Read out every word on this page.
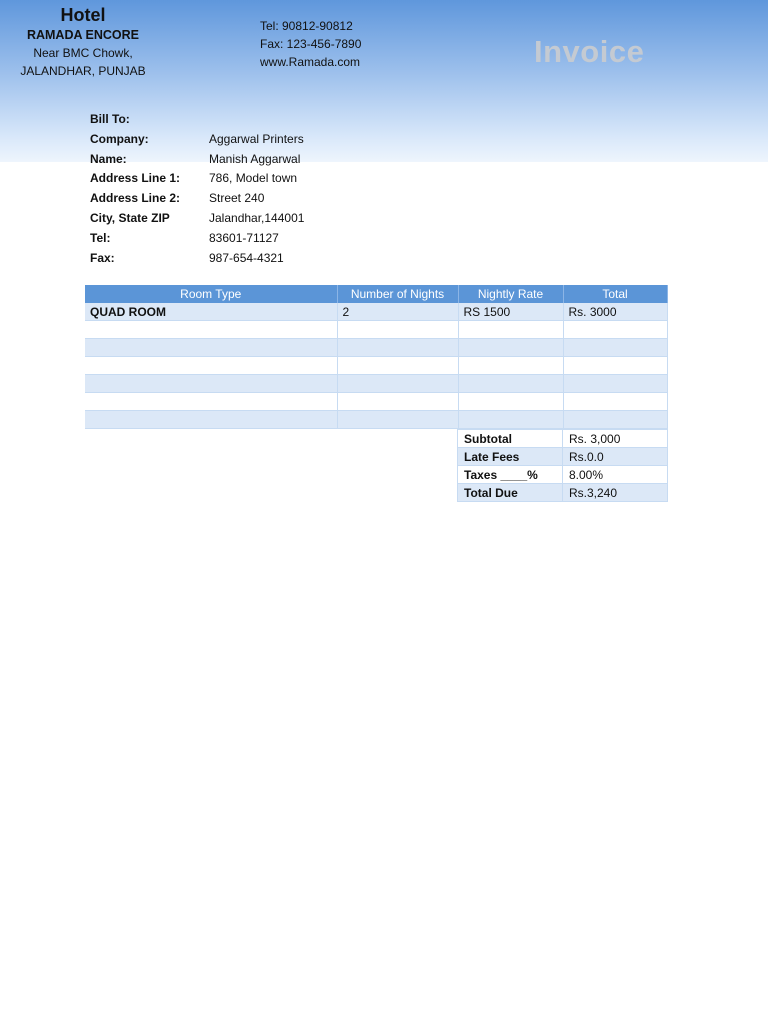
Hotel
RAMADA ENCORE
Near BMC Chowk,
JALANDHAR, PUNJAB
Tel: 90812-90812
Fax: 123-456-7890
www.Ramada.com	Invoice
Bill To:
Company:	Aggarwal Printers
Name:	Manish Aggarwal
Address Line 1:	786, Model town
Address Line 2:	Street 240
City, State ZIP	Jalandhar,144001
Tel:	83601-71127
Fax:	987-654-4321
Room Type	Number of Nights	Nightly Rate	Total
QUAD ROOM	2	RS 1500	Rs. 3000

Subtotal	Rs. 3,000
Late Fees	Rs.0.0
Taxes ____%	8.00%
Total Due	Rs.3,240
